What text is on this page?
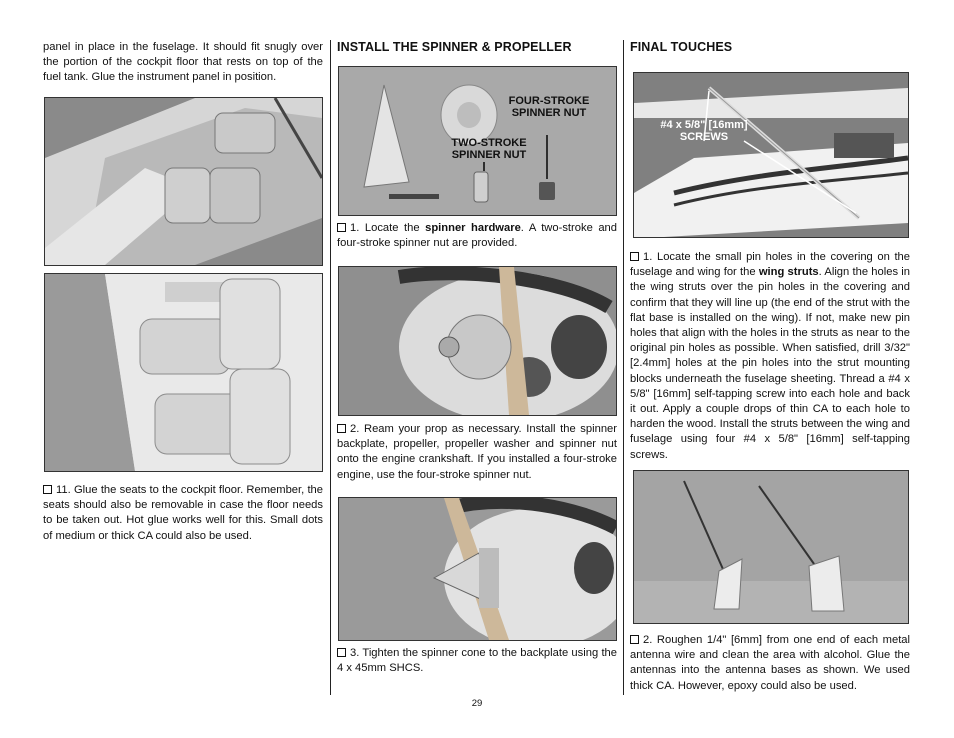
panel in place in the fuselage. It should fit snugly over the portion of the cockpit floor that rests on top of the fuel tank. Glue the instrument panel in position.

11. Glue the seats to the cockpit floor. Remember, the seats should also be removable in case the floor needs to be taken out. Hot glue works well for this. Small dots of medium or thick CA could also be used.

INSTALL THE SPINNER & PROPELLER
FOUR-STROKE
SPINNER NUT
TWO-STROKE
SPINNER NUT

1. Locate the spinner hardware. A two-stroke and four-stroke spinner nut are provided.

2. Ream your prop as necessary. Install the spinner backplate, propeller, propeller washer and spinner nut onto the engine crankshaft. If you installed a four-stroke engine, use the four-stroke spinner nut.

3. Tighten the spinner cone to the backplate using the 4 x 45mm SHCS.

FINAL TOUCHES
#4 x 5/8" [16mm]
SCREWS

1. Locate the small pin holes in the covering on the fuselage and wing for the wing struts. Align the holes in the wing struts over the pin holes in the covering and confirm that they will line up (the end of the strut with the flat base is installed on the wing). If not, make new pin holes that align with the holes in the struts as near to the original pin holes as possible. When satisfied, drill 3/32" [2.4mm] holes at the pin holes into the strut mounting blocks underneath the fuselage sheeting. Thread a #4 x 5/8" [16mm] self-tapping screw into each hole and back it out. Apply a couple drops of thin CA to each hole to harden the wood. Install the struts between the wing and fuselage using four #4 x 5/8" [16mm] self-tapping screws.

2. Roughen 1/4" [6mm] from one end of each metal antenna wire and clean the area with alcohol. Glue the antennas into the antenna bases as shown. We used thick CA. However, epoxy could also be used.

29
